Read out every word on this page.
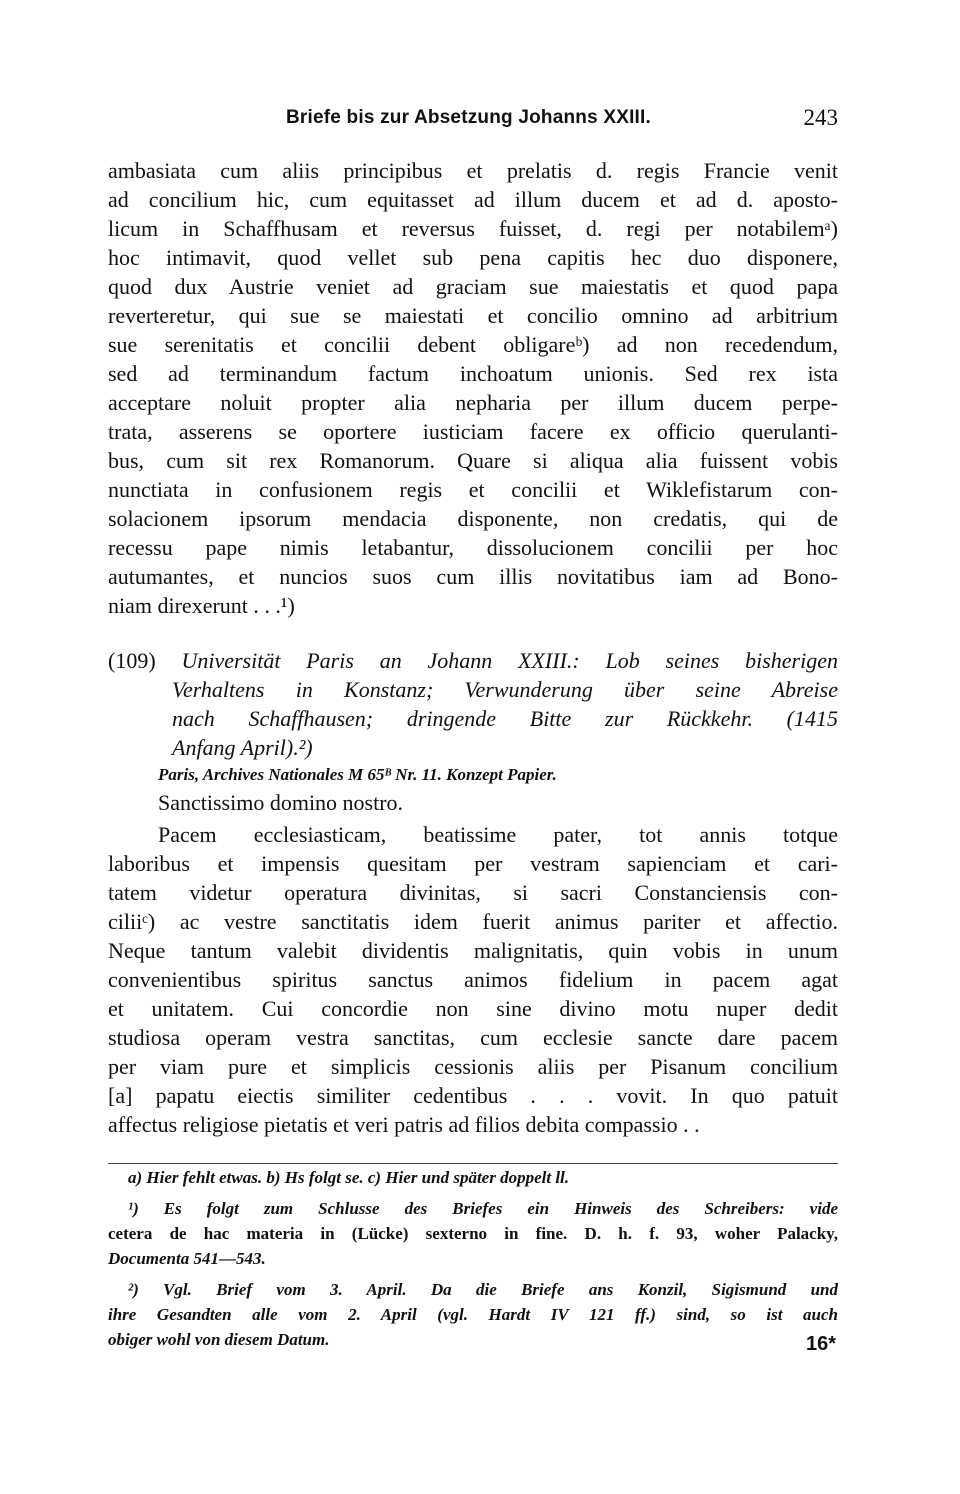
Briefe bis zur Absetzung Johanns XXIII.	243
ambasiata cum aliis principibus et prelatis d. regis Francie venit
ad concilium hic, cum equitasset ad illum ducem et ad d. aposto-
licum in Schaffhusam et reversus fuisset, d. regi per notabilemᵃ)
hoc intimavit, quod vellet sub pena capitis hec duo disponere,
quod dux Austrie veniet ad graciam sue maiestatis et quod papa
reverteretur, qui sue se maiestati et concilio omnino ad arbitrium
sue serenitatis et concilii debent obligareᵇ) ad non recedendum,
sed ad terminandum factum inchoatum unionis. Sed rex ista
acceptare noluit propter alia nepharia per illum ducem perpe-
trata, asserens se oportere iusticiam facere ex officio querulanti-
bus, cum sit rex Romanorum. Quare si aliqua alia fuissent vobis
nunctiata in confusionem regis et concilii et Wiklefistarum con-
solacionem ipsorum mendacia disponente, non credatis, qui de
recessu pape nimis letabantur, dissolucionem concilii per hoc
autumantes, et nuncios suos cum illis novitatibus iam ad Bono-
niam direxerunt . . .¹)
(109) Universität Paris an Johann XXIII.: Lob seines bisherigen
Verhaltens in Konstanz; Verwunderung über seine Abreise
nach Schaffhausen; dringende Bitte zur Rückkehr. (1415
Anfang April).²)
Paris, Archives Nationales M 65ᴮ Nr. 11. Konzept Papier.
Sanctissimo domino nostro.
Pacem ecclesiasticam, beatissime pater, tot annis totque
laboribus et impensis quesitam per vestram sapienciam et cari-
tatem videtur operatura divinitas, si sacri Constanciensis con-
ciliiᶜ) ac vestre sanctitatis idem fuerit animus pariter et affectio.
Neque tantum valebit dividentis malignitatis, quin vobis in unum
convenientibus spiritus sanctus animos fidelium in pacem agat
et unitatem. Cui concordie non sine divino motu nuper dedit
studiosa operam vestra sanctitas, cum ecclesie sancte dare pacem
per viam pure et simplicis cessionis aliis per Pisanum concilium
[a] papatu eiectis similiter cedentibus . . . vovit. In quo patuit
affectus religiose pietatis et veri patris ad filios debita compassio . .
a) Hier fehlt etwas. b) Hs folgt se. c) Hier und später doppelt ll.
¹) Es folgt zum Schlusse des Briefes ein Hinweis des Schreibers: vide
cetera de hac materia in (Lücke) sexterno in fine. D. h. f. 93, woher Palacky,
Documenta 541—543.
²) Vgl. Brief vom 3. April. Da die Briefe ans Konzil, Sigismund und
ihre Gesandten alle vom 2. April (vgl. Hardt IV 121 ff.) sind, so ist auch
obiger wohl von diesem Datum.	16*
